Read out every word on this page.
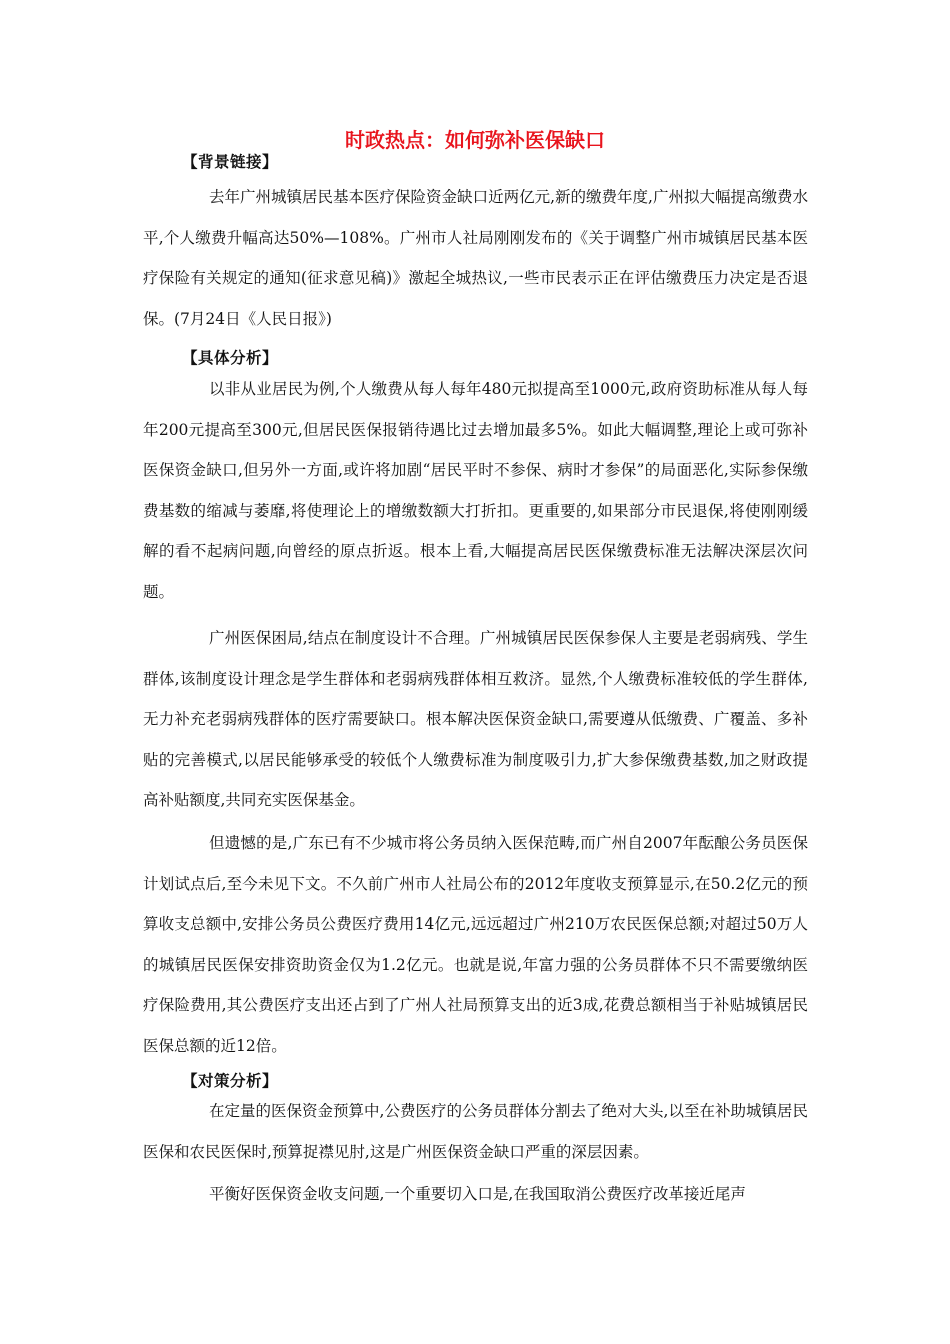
时政热点：如何弥补医保缺口
【背景链接】

去年广州城镇居民基本医疗保险资金缺口近两亿元,新的缴费年度,广州拟大幅提高缴费水平,个人缴费升幅高达50%—108%。广州市人社局刚刚发布的《关于调整广州市城镇居民基本医疗保险有关规定的通知(征求意见稿)》激起全城热议,一些市民表示正在评估缴费压力决定是否退保。(7月24日《人民日报》)

【具体分析】

以非从业居民为例,个人缴费从每人每年480元拟提高至1000元,政府资助标准从每人每年200元提高至300元,但居民医保报销待遇比过去增加最多5%。如此大幅调整,理论上或可弥补医保资金缺口,但另外一方面,或许将加剧“居民平时不参保、病时才参保”的局面恶化,实际参保缴费基数的缩减与萎靡,将使理论上的增缴数额大打折扣。更重要的,如果部分市民退保,将使刚刚缓解的看不起病问题,向曾经的原点折返。根本上看,大幅提高居民医保缴费标准无法解决深层次问题。

广州医保困局,结点在制度设计不合理。广州城镇居民医保参保人主要是老弱病残、学生群体,该制度设计理念是学生群体和老弱病残群体相互救济。显然,个人缴费标准较低的学生群体,无力补充老弱病残群体的医疗需要缺口。根本解决医保资金缺口,需要遵从低缴费、广覆盖、多补贴的完善模式,以居民能够承受的较低个人缴费标准为制度吸引力,扩大参保缴费基数,加之财政提高补贴额度,共同充实医保基金。

但遗憾的是,广东已有不少城市将公务员纳入医保范畴,而广州自2007年酝酿公务员医保计划试点后,至今未见下文。不久前广州市人社局公布的2012年度收支预算显示,在50.2亿元的预算收支总额中,安排公务员公费医疗费用14亿元,远远超过广州210万农民医保总额;对超过50万人的城镇居民医保安排资助资金仅为1.2亿元。也就是说,年富力强的公务员群体不只不需要缴纳医疗保险费用,其公费医疗支出还占到了广州人社局预算支出的近3成,花费总额相当于补贴城镇居民医保总额的近12倍。

【对策分析】

在定量的医保资金预算中,公费医疗的公务员群体分割去了绝对大头,以至在补助城镇居民医保和农民医保时,预算捉襟见肘,这是广州医保资金缺口严重的深层因素。

平衡好医保资金收支问题,一个重要切入口是,在我国取消公费医疗改革接近尾声
